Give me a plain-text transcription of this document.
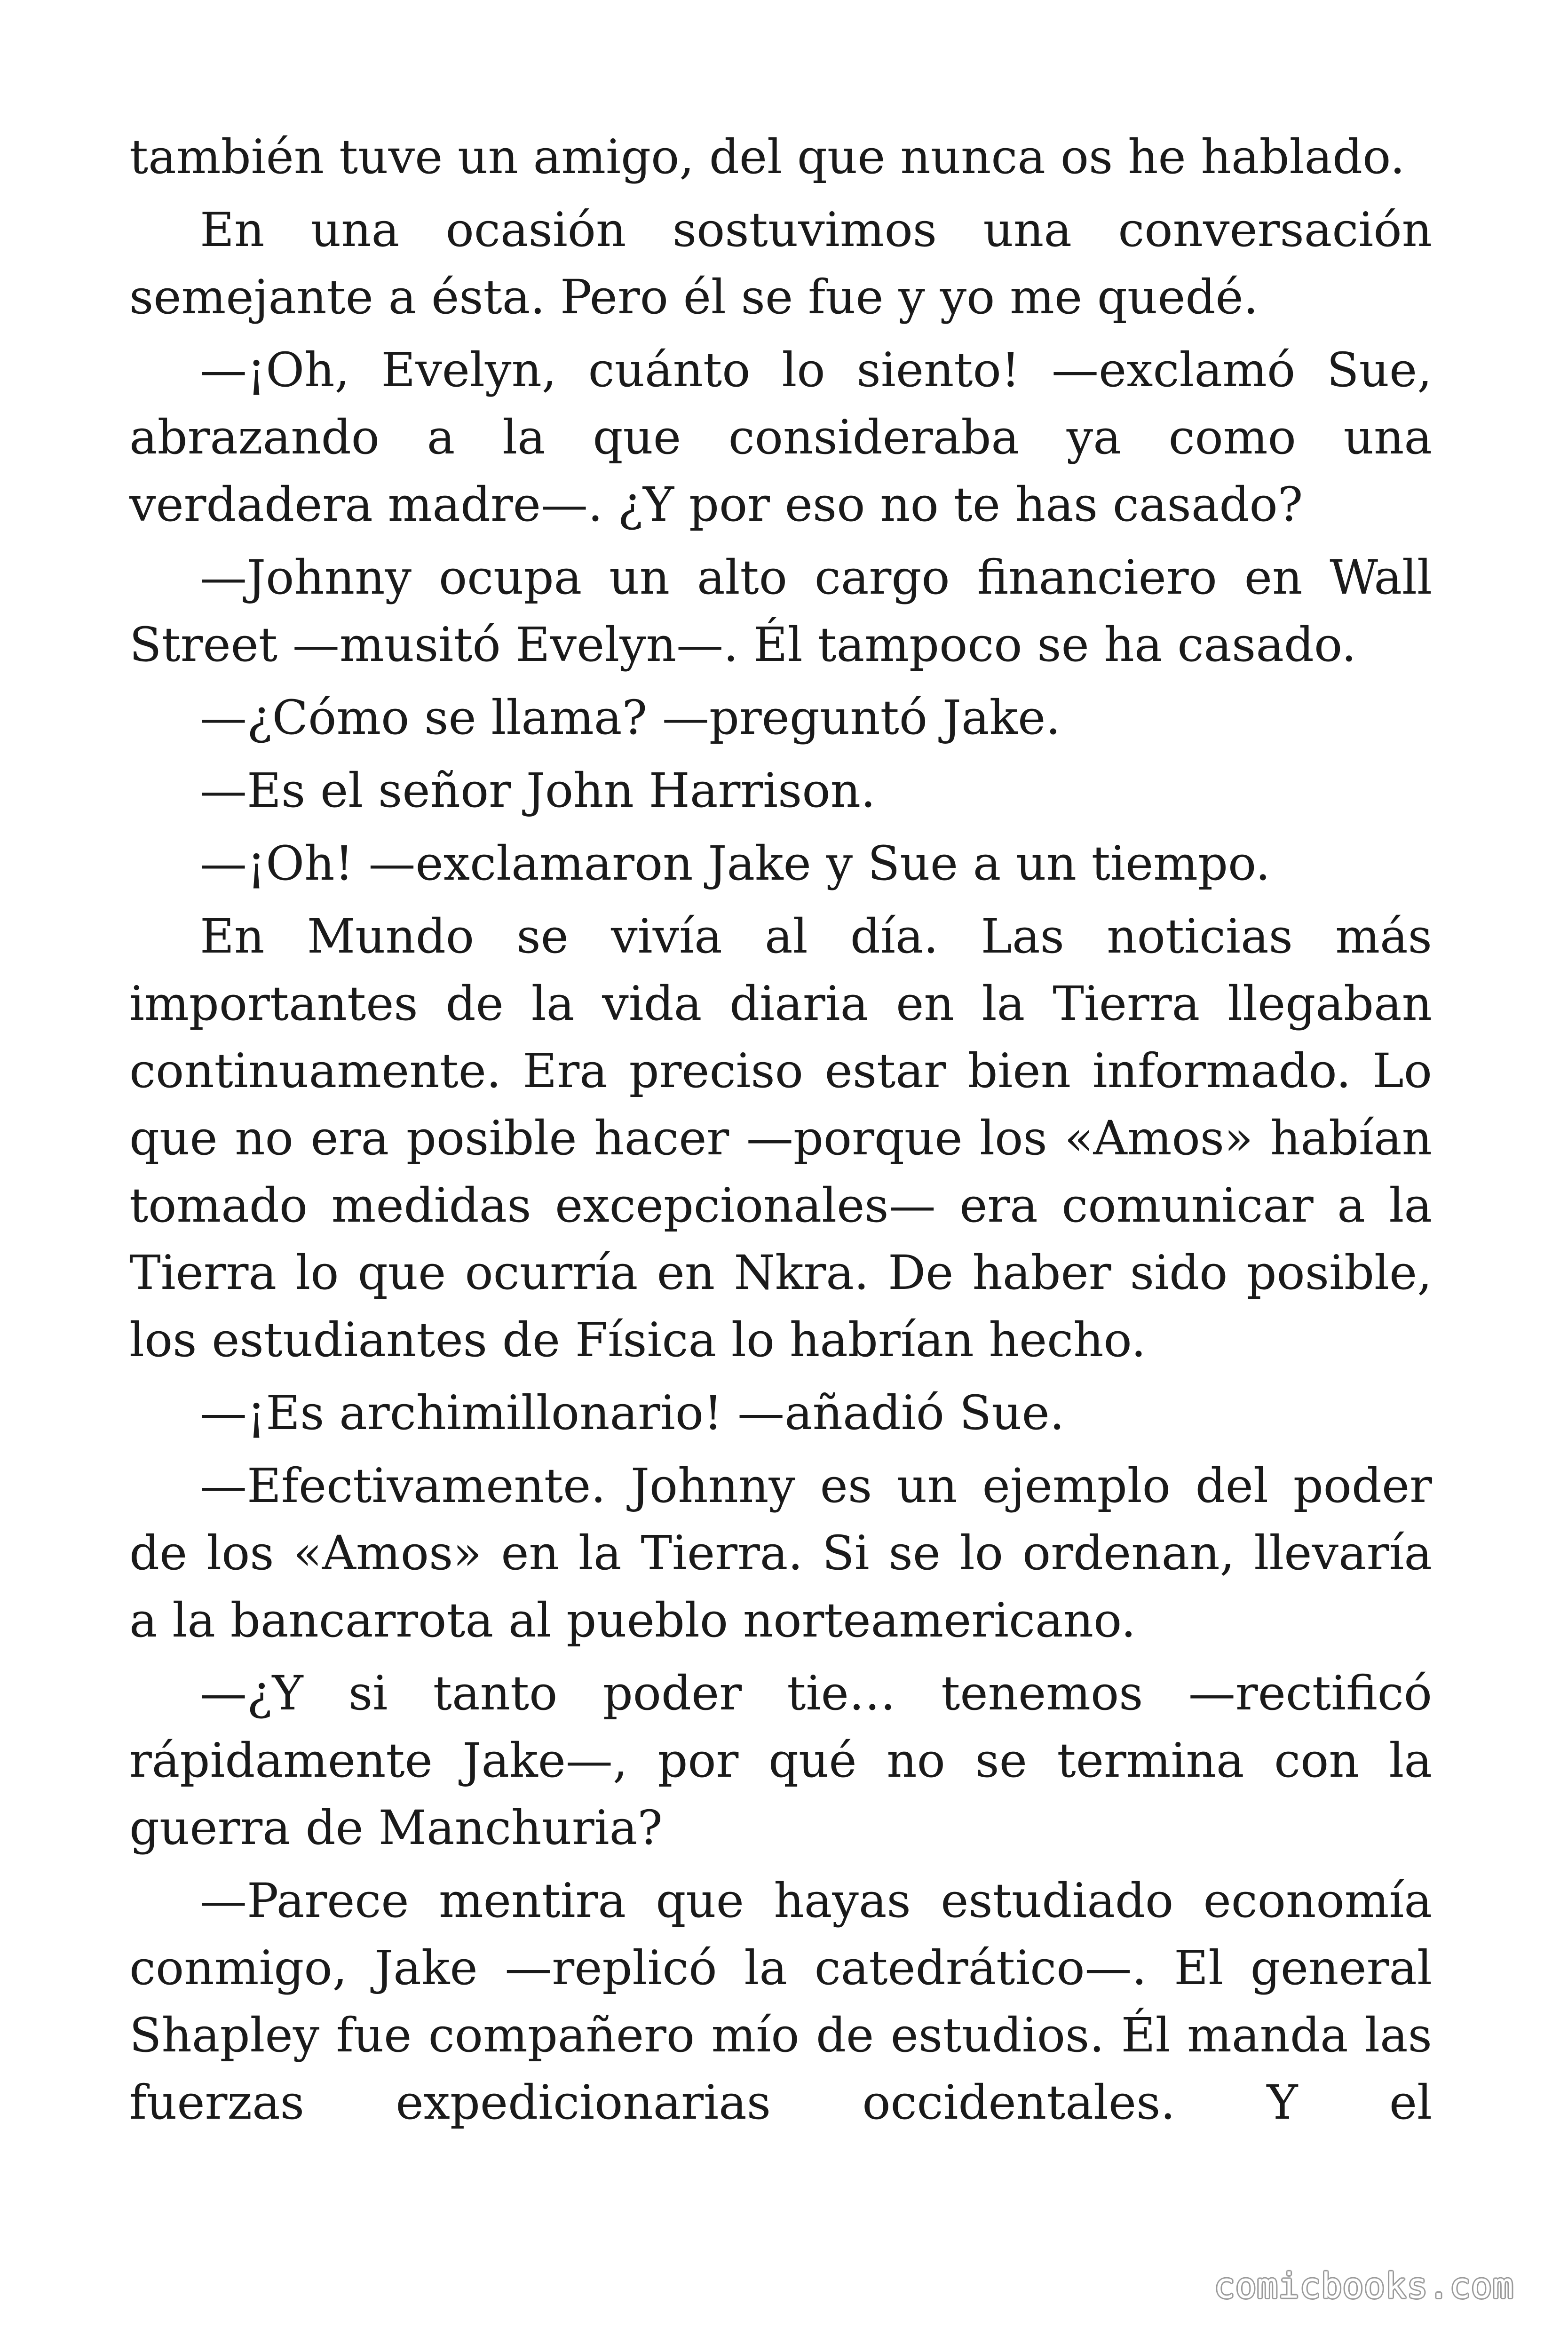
también tuve un amigo, del que nunca os he hablado.

En una ocasión sostuvimos una conversación semejante a ésta. Pero él se fue y yo me quedé.

—¡Oh, Evelyn, cuánto lo siento! —exclamó Sue, abrazando a la que consideraba ya como una verdadera madre—. ¿Y por eso no te has casado?

—Johnny ocupa un alto cargo financiero en Wall Street —musitó Evelyn—. Él tampoco se ha casado.

—¿Cómo se llama? —preguntó Jake.

—Es el señor John Harrison.

—¡Oh! —exclamaron Jake y Sue a un tiempo.

En Mundo se vivía al día. Las noticias más importantes de la vida diaria en la Tierra llegaban continuamente. Era preciso estar bien informado. Lo que no era posible hacer —porque los «Amos» habían tomado medidas excepcionales— era comunicar a la Tierra lo que ocurría en Nkra. De haber sido posible, los estudiantes de Física lo habrían hecho.

—¡Es archimillonario! —añadió Sue.

—Efectivamente. Johnny es un ejemplo del poder de los «Amos» en la Tierra. Si se lo ordenan, llevaría a la bancarrota al pueblo norteamericano.

—¿Y si tanto poder tie… tenemos —rectificó rápidamente Jake—, por qué no se termina con la guerra de Manchuria?

—Parece mentira que hayas estudiado economía conmigo, Jake —replicó la catedrático—. El general Shapley fue compañero mío de estudios. Él manda las fuerzas expedicionarias occidentales. Y el

comicbooks.com
